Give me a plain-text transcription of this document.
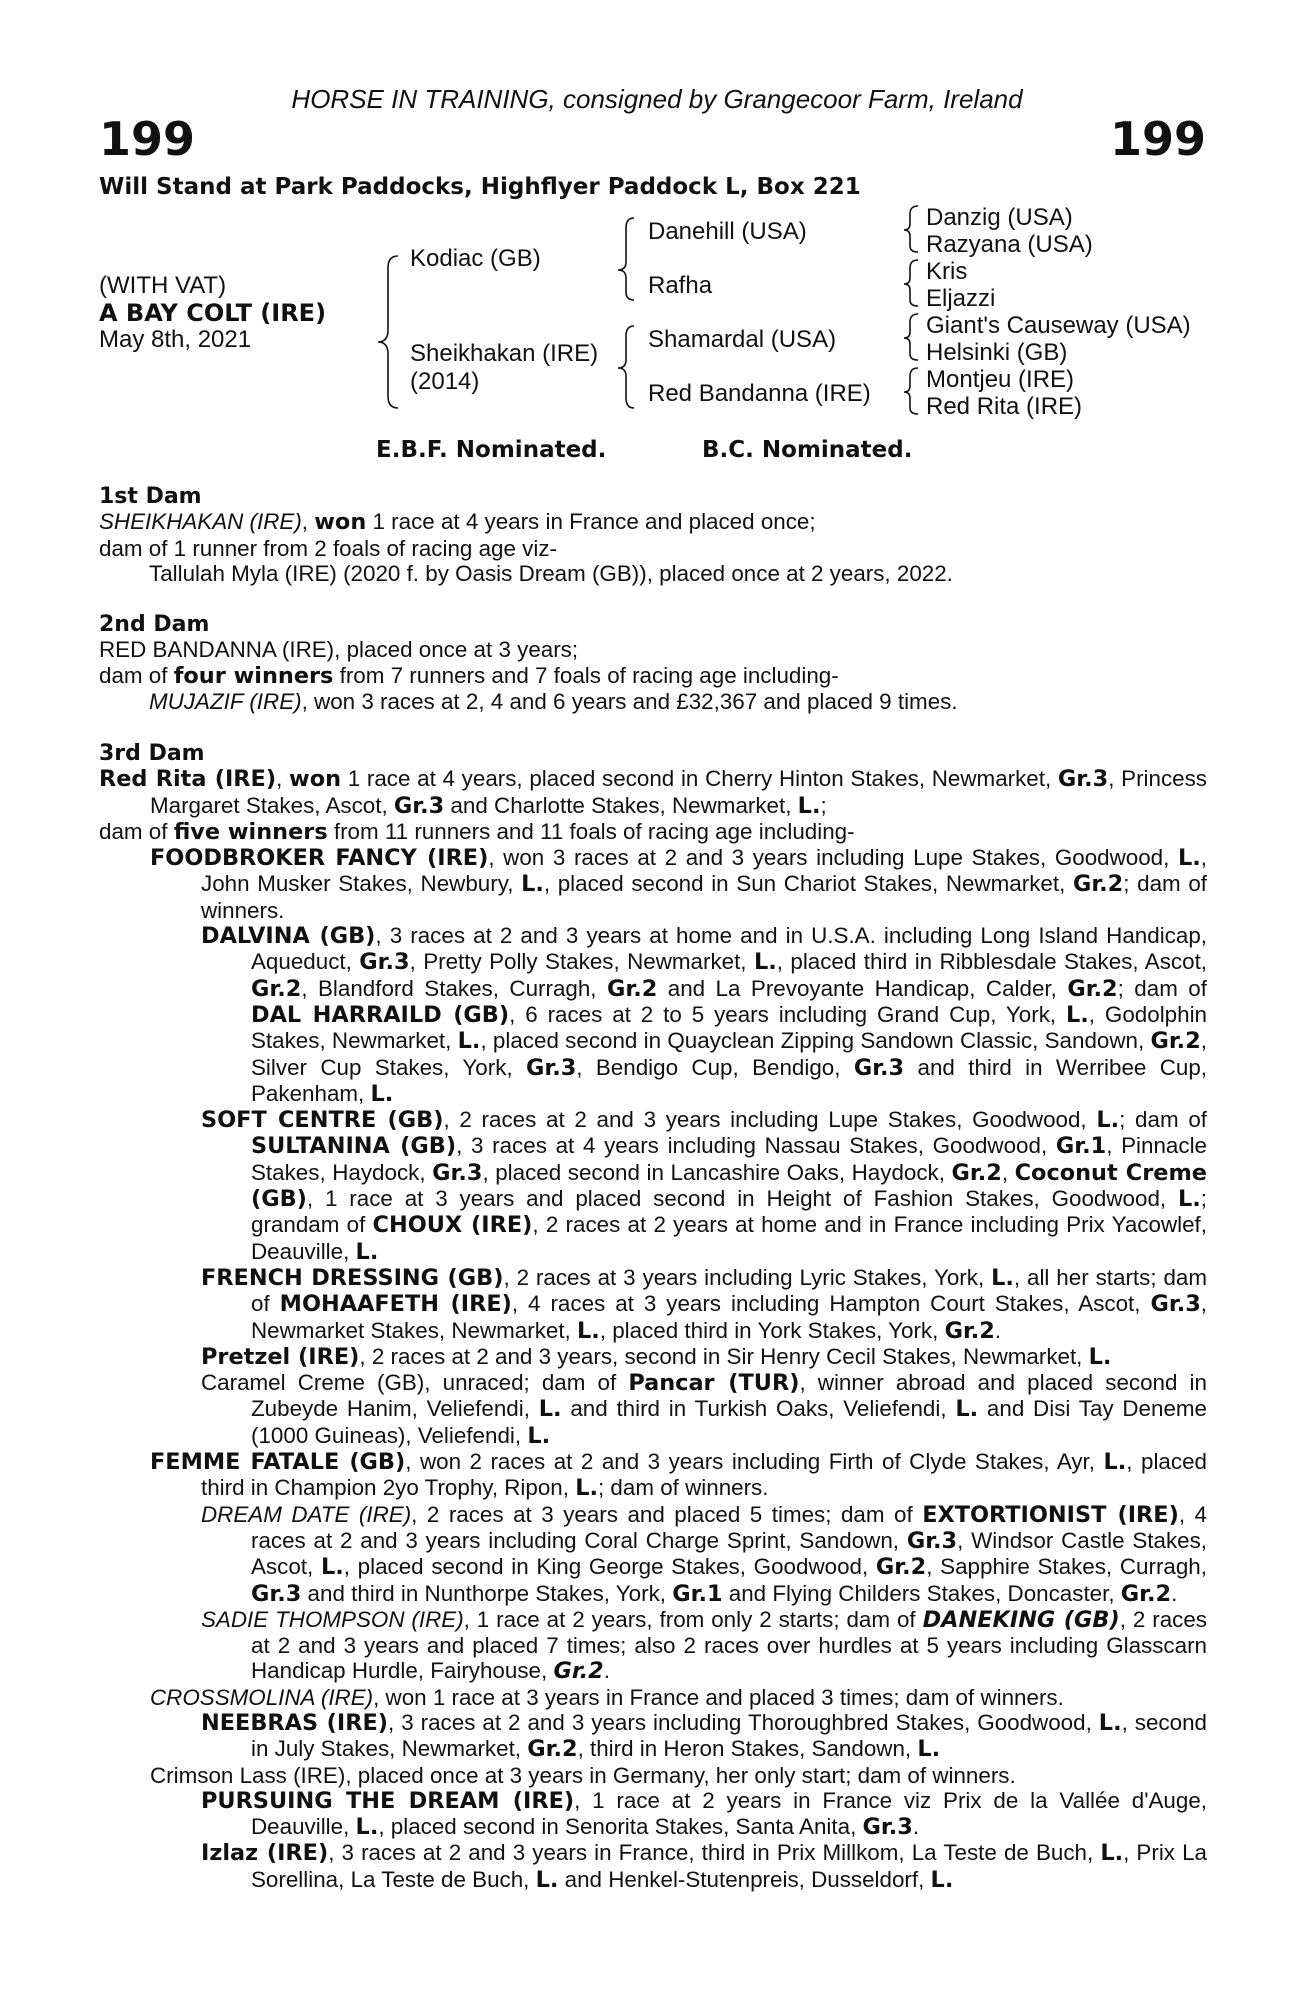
HORSE IN TRAINING, consigned by Grangecoor Farm, Ireland
199	199
Will Stand at Park Paddocks, Highflyer Paddock L, Box 221
(WITH VAT)
A BAY COLT (IRE)
May 8th, 2021
Kodiac (GB)
Sheikhakan (IRE)
(2014)
Danehill (USA)
Rafha
Shamardal (USA)
Red Bandanna (IRE)
Danzig (USA)
Razyana (USA)
Kris
Eljazzi
Giant's Causeway (USA)
Helsinki (GB)
Montjeu (IRE)
Red Rita (IRE)
E.B.F. Nominated.	B.C. Nominated.

1st Dam

SHEIKHAKAN (IRE), won 1 race at 4 years in France and placed once;

dam of 1 runner from 2 foals of racing age viz-

Tallulah Myla (IRE) (2020 f. by Oasis Dream (GB)), placed once at 2 years, 2022.

2nd Dam

RED BANDANNA (IRE), placed once at 3 years;

dam of four winners from 7 runners and 7 foals of racing age including-

MUJAZIF (IRE), won 3 races at 2, 4 and 6 years and £32,367 and placed 9 times.

3rd Dam

Red Rita (IRE), won 1 race at 4 years, placed second in Cherry Hinton Stakes, Newmarket, Gr.3, Princess Margaret Stakes, Ascot, Gr.3 and Charlotte Stakes, Newmarket, L.;

dam of five winners from 11 runners and 11 foals of racing age including-

FOODBROKER FANCY (IRE), won 3 races at 2 and 3 years including Lupe Stakes, Goodwood, L., John Musker Stakes, Newbury, L., placed second in Sun Chariot Stakes, Newmarket, Gr.2; dam of winners.

DALVINA (GB), 3 races at 2 and 3 years at home and in U.S.A. including Long Island Handicap, Aqueduct, Gr.3, Pretty Polly Stakes, Newmarket, L., placed third in Ribblesdale Stakes, Ascot, Gr.2, Blandford Stakes, Curragh, Gr.2 and La Prevoyante Handicap, Calder, Gr.2; dam of DAL HARRAILD (GB), 6 races at 2 to 5 years including Grand Cup, York, L., Godolphin Stakes, Newmarket, L., placed second in Quayclean Zipping Sandown Classic, Sandown, Gr.2, Silver Cup Stakes, York, Gr.3, Bendigo Cup, Bendigo, Gr.3 and third in Werribee Cup, Pakenham, L.

SOFT CENTRE (GB), 2 races at 2 and 3 years including Lupe Stakes, Goodwood, L.; dam of SULTANINA (GB), 3 races at 4 years including Nassau Stakes, Goodwood, Gr.1, Pinnacle Stakes, Haydock, Gr.3, placed second in Lancashire Oaks, Haydock, Gr.2, Coconut Creme (GB), 1 race at 3 years and placed second in Height of Fashion Stakes, Goodwood, L.; grandam of CHOUX (IRE), 2 races at 2 years at home and in France including Prix Yacowlef, Deauville, L.

FRENCH DRESSING (GB), 2 races at 3 years including Lyric Stakes, York, L., all her starts; dam of MOHAAFETH (IRE), 4 races at 3 years including Hampton Court Stakes, Ascot, Gr.3, Newmarket Stakes, Newmarket, L., placed third in York Stakes, York, Gr.2.

Pretzel (IRE), 2 races at 2 and 3 years, second in Sir Henry Cecil Stakes, Newmarket, L.

Caramel Creme (GB), unraced; dam of Pancar (TUR), winner abroad and placed second in Zubeyde Hanim, Veliefendi, L. and third in Turkish Oaks, Veliefendi, L. and Disi Tay Deneme (1000 Guineas), Veliefendi, L.

FEMME FATALE (GB), won 2 races at 2 and 3 years including Firth of Clyde Stakes, Ayr, L., placed third in Champion 2yo Trophy, Ripon, L.; dam of winners.

DREAM DATE (IRE), 2 races at 3 years and placed 5 times; dam of EXTORTIONIST (IRE), 4 races at 2 and 3 years including Coral Charge Sprint, Sandown, Gr.3, Windsor Castle Stakes, Ascot, L., placed second in King George Stakes, Goodwood, Gr.2, Sapphire Stakes, Curragh, Gr.3 and third in Nunthorpe Stakes, York, Gr.1 and Flying Childers Stakes, Doncaster, Gr.2.

SADIE THOMPSON (IRE), 1 race at 2 years, from only 2 starts; dam of DANEKING (GB), 2 races at 2 and 3 years and placed 7 times; also 2 races over hurdles at 5 years including Glasscarn Handicap Hurdle, Fairyhouse, Gr.2.

CROSSMOLINA (IRE), won 1 race at 3 years in France and placed 3 times; dam of winners.

NEEBRAS (IRE), 3 races at 2 and 3 years including Thoroughbred Stakes, Goodwood, L., second in July Stakes, Newmarket, Gr.2, third in Heron Stakes, Sandown, L.

Crimson Lass (IRE), placed once at 3 years in Germany, her only start; dam of winners.

PURSUING THE DREAM (IRE), 1 race at 2 years in France viz Prix de la Vallée d'Auge, Deauville, L., placed second in Senorita Stakes, Santa Anita, Gr.3.

Izlaz (IRE), 3 races at 2 and 3 years in France, third in Prix Millkom, La Teste de Buch, L., Prix La Sorellina, La Teste de Buch, L. and Henkel-Stutenpreis, Dusseldorf, L.
